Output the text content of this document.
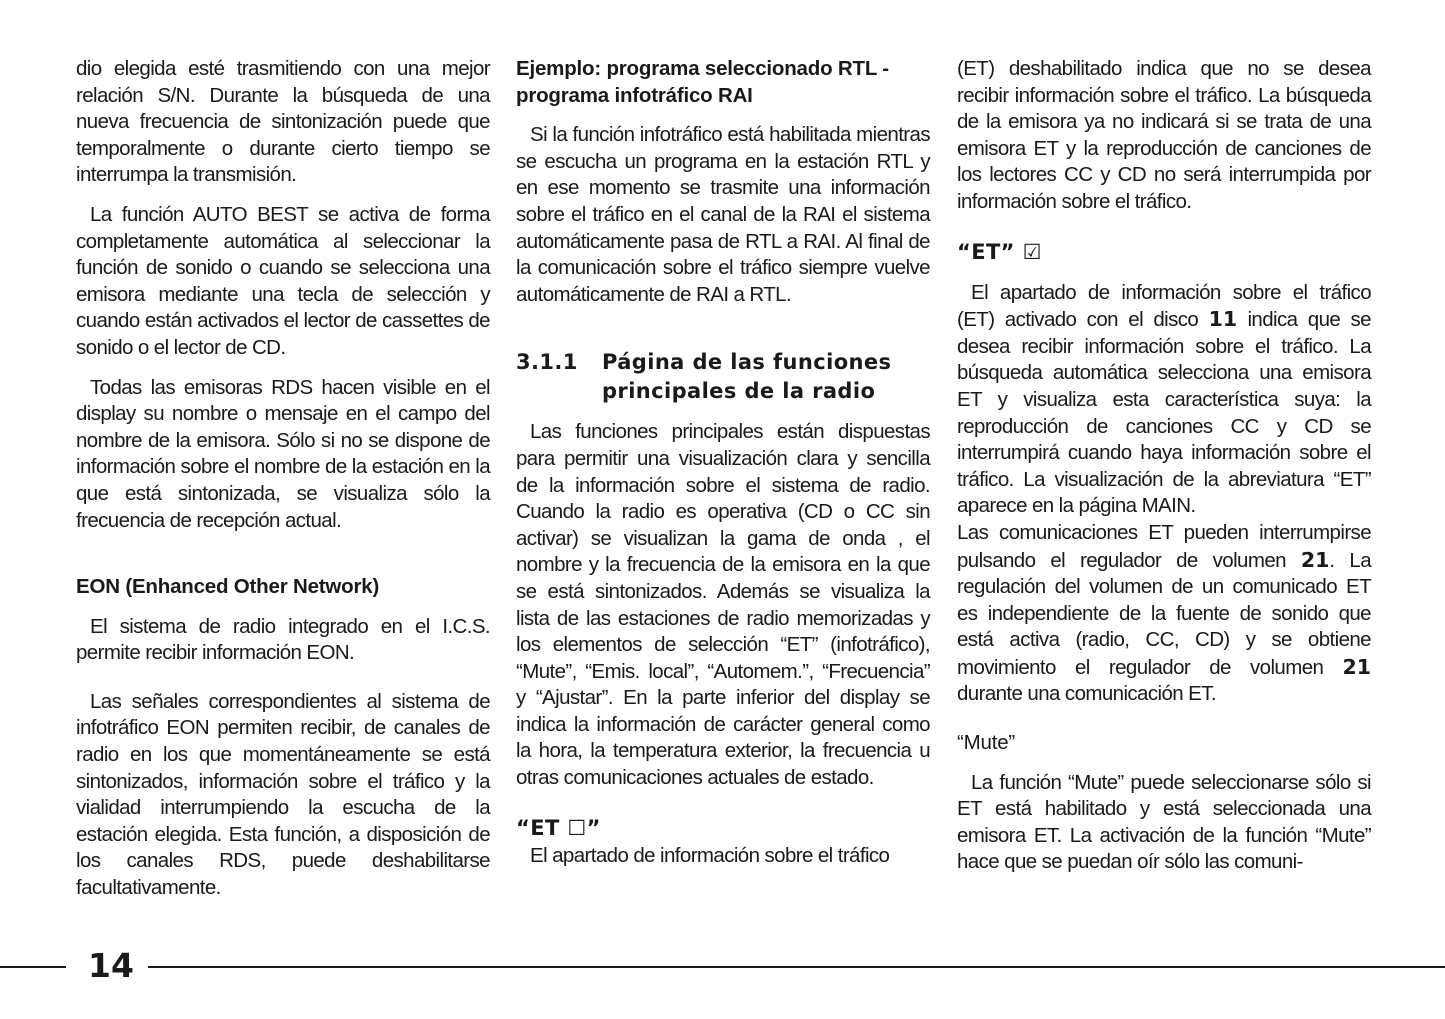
dio elegida esté trasmitiendo con una mejor relación S/N. Durante la búsqueda de una nueva frecuencia de sintonización puede que temporalmente o durante cierto tiempo se interrumpa la transmisión.

La función AUTO BEST se activa de forma completamente automática al seleccionar la función de sonido o cuando se selecciona una emisora mediante una tecla de selección y cuando están activados el lector de cassettes de sonido o el lector de CD.

Todas las emisoras RDS hacen visible en el display su nombre o mensaje en el campo del nombre de la emisora. Sólo si no se dispone de información sobre el nombre de la estación en la que está sintonizada, se visualiza sólo la frecuencia de recepción actual.

EON (Enhanced Other Network)

El sistema de radio integrado en el I.C.S. permite recibir información EON.

Las señales correspondientes al sistema de infotráfico EON permiten recibir, de canales de radio en los que momentáneamente se está sintonizados, información sobre el tráfico y la vialidad interrumpiendo la escucha de la estación elegida. Esta función, a disposición de los canales RDS, puede deshabilitarse facultativamente.

Ejemplo: programa seleccionado RTL - programa infotráfico RAI

Si la función infotráfico está habilitada mientras se escucha un programa en la estación RTL y en ese momento se trasmite una información sobre el tráfico en el canal de la RAI el sistema automáticamente pasa de RTL a RAI. Al final de la comunicación sobre el tráfico siempre vuelve automáticamente de RAI a RTL.

3.1.1 Página de las funciones
principales de la radio

Las funciones principales están dispuestas para permitir una visualización clara y sencilla de la información sobre el sistema de radio. Cuando la radio es operativa (CD o CC sin activar) se visualizan la gama de onda , el nombre y la frecuencia de la emisora en la que se está sintonizados. Además se visualiza la lista de las estaciones de radio memorizadas y los elementos de selección “ET” (infotráfico), “Mute”, “Emis. local”, “Automem.”, “Frecuencia” y “Ajustar”. En la parte inferior del display se indica la información de carácter general como la hora, la temperatura exterior, la frecuencia u otras comunicaciones actuales de estado.

“ET ☐”

El apartado de información sobre el tráfico

(ET) deshabilitado indica que no se desea recibir información sobre el tráfico. La búsqueda de la emisora ya no indicará si se trata de una emisora ET y la reproducción de canciones de los lectores CC y CD no será interrumpida por información sobre el tráfico.

“ET” ☑

El apartado de información sobre el tráfico (ET) activado con el disco 11 indica que se desea recibir información sobre el tráfico. La búsqueda automática selecciona una emisora ET y visualiza esta característica suya: la reproducción de canciones CC y CD se interrumpirá cuando haya información sobre el tráfico. La visualización de la abreviatura “ET” aparece en la página MAIN.

Las comunicaciones ET pueden interrumpirse pulsando el regulador de volumen 21. La regulación del volumen de un comunicado ET es independiente de la fuente de sonido que está activa (radio, CC, CD) y se obtiene movimiento el regulador de volumen 21 durante una comunicación ET.

“Mute”

La función “Mute” puede seleccionarse sólo si ET está habilitado y está seleccionada una emisora ET. La activación de la función “Mute” hace que se puedan oír sólo las comuni-

14
